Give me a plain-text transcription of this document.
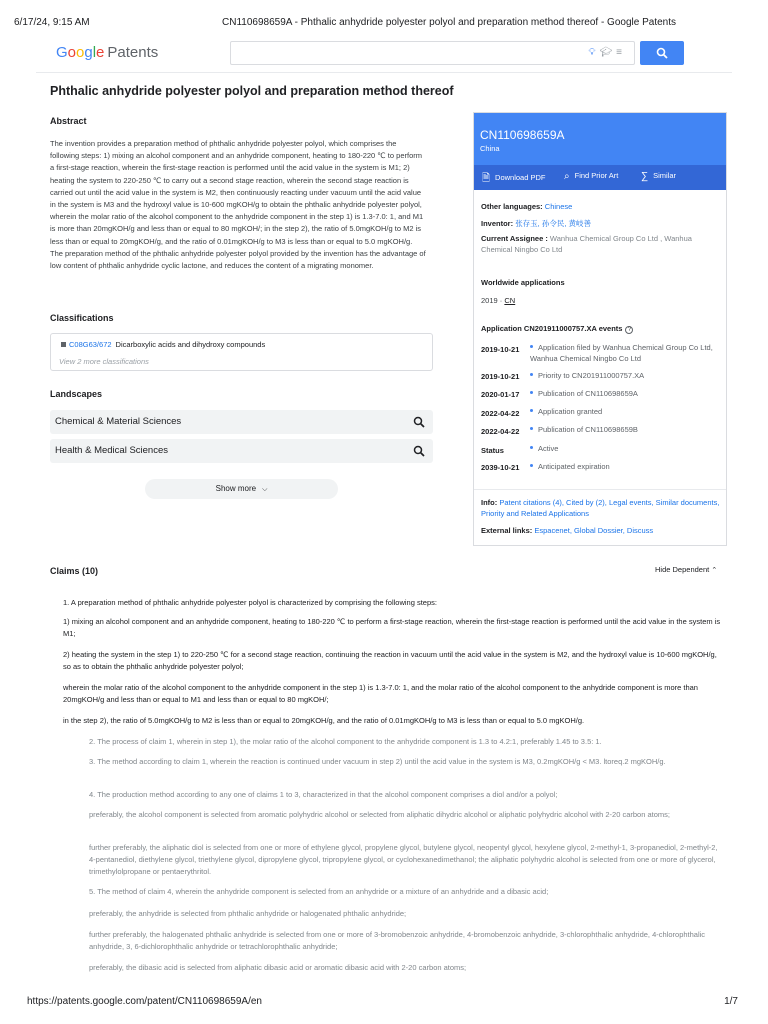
6/17/24, 9:15 AM	CN110698659A - Phthalic anhydride polyester polyol and preparation method thereof - Google Patents
Google Patents	💡︎🎓︎≡
Phthalic anhydride polyester polyol and preparation method thereof
Abstract
The invention provides a preparation method of phthalic anhydride polyester polyol, which comprises the following steps: 1) mixing an alcohol component and an anhydride component, heating to 180-220 ℃ to perform a first-stage reaction, wherein the first-stage reaction is performed until the acid value in the system is M1; 2) heating the system to 220-250 ℃ to carry out a second stage reaction, wherein the second stage reaction is carried out until the acid value in the system is M2, then continuously reacting under vacuum until the acid value in the system is M3 and the hydroxyl value is 10-600 mgKOH/g to obtain the phthalic anhydride polyester polyol, wherein the molar ratio of the alcohol component to the anhydride component in the step 1) is 1.3-7.0: 1, and M1 is more than 20mgKOH/g and less than or equal to 80 mgKOH/; in the step 2), the ratio of 5.0mgKOH/g to M2 is less than or equal to 20mgKOH/g, and the ratio of 0.01mgKOH/g to M3 is less than or equal to 5.0 mgKOH/g. The preparation method of the phthalic anhydride polyester polyol provided by the invention has the advantage of low content of phthalic anhydride cyclic lactone, and reduces the content of a migrating monomer.
Classifications
C08G63/672 Dicarboxylic acids and dihydroxy compounds
View 2 more classifications
Landscapes
Chemical & Material Sciences
Health & Medical Sciences
Show more ⌵
CN110698659A
China
🗎︎ Download PDF ⌕ Find Prior Art ∑ Similar
Other languages: Chinese
Inventor: 张存玉, 孙令民, 黄岐善
Current Assignee : Wanhua Chemical Group Co Ltd , Wanhua Chemical Ningbo Co Ltd
Worldwide applications
2019 · CN
Application CN201911000757.XA events ?
2019-10-21	Application filed by Wanhua Chemical Group Co Ltd, Wanhua Chemical Ningbo Co Ltd
2019-10-21	Priority to CN201911000757.XA
2020-01-17	Publication of CN110698659A
2022-04-22	Application granted
2022-04-22	Publication of CN110698659B
Status	Active
2039-10-21	Anticipated expiration
Info: Patent citations (4), Cited by (2), Legal events, Similar documents, Priority and Related Applications
External links: Espacenet, Global Dossier, Discuss
Claims (10)	Hide Dependent ⌃
1. A preparation method of phthalic anhydride polyester polyol is characterized by comprising the following steps:
1) mixing an alcohol component and an anhydride component, heating to 180-220 ℃ to perform a first-stage reaction, wherein the first-stage reaction is performed until the acid value in the system is M1;
2) heating the system in the step 1) to 220-250 ℃ for a second stage reaction, continuing the reaction in vacuum until the acid value in the system is M2, and the hydroxyl value is 10-600 mgKOH/g, so as to obtain the phthalic anhydride polyester polyol;
wherein the molar ratio of the alcohol component to the anhydride component in the step 1) is 1.3-7.0: 1, and the molar ratio of the alcohol component to the anhydride component is more than 20mgKOH/g and less than or equal to M1 and less than or equal to 80 mgKOH/;
in the step 2), the ratio of 5.0mgKOH/g to M2 is less than or equal to 20mgKOH/g, and the ratio of 0.01mgKOH/g to M3 is less than or equal to 5.0 mgKOH/g.
2. The process of claim 1, wherein in step 1), the molar ratio of the alcohol component to the anhydride component is 1.3 to 4.2:1, preferably 1.45 to 3.5: 1.
3. The method according to claim 1, wherein the reaction is continued under vacuum in step 2) until the acid value in the system is M3, 0.2mgKOH/g < M3. ltoreq.2 mgKOH/g.
4. The production method according to any one of claims 1 to 3, characterized in that the alcohol component comprises a diol and/or a polyol;
preferably, the alcohol component is selected from aromatic polyhydric alcohol or selected from aliphatic dihydric alcohol or aliphatic polyhydric alcohol with 2-20 carbon atoms;
further preferably, the aliphatic diol is selected from one or more of ethylene glycol, propylene glycol, butylene glycol, neopentyl glycol, hexylene glycol, 2-methyl-1, 3-propanediol, 2-methyl-2, 4-pentanediol, diethylene glycol, triethylene glycol, dipropylene glycol, tripropylene glycol, or cyclohexanedimethanol; the aliphatic polyhydric alcohol is selected from one or more of glycerol, trimethylolpropane or pentaerythritol.
5. The method of claim 4, wherein the anhydride component is selected from an anhydride or a mixture of an anhydride and a dibasic acid;
preferably, the anhydride is selected from phthalic anhydride or halogenated phthalic anhydride;
further preferably, the halogenated phthalic anhydride is selected from one or more of 3-bromobenzoic anhydride, 4-bromobenzoic anhydride, 3-chlorophthalic anhydride, 4-chlorophthalic anhydride, 3, 6-dichlorophthalic anhydride or tetrachlorophthalic anhydride;
preferably, the dibasic acid is selected from aliphatic dibasic acid or aromatic dibasic acid with 2-20 carbon atoms;
https://patents.google.com/patent/CN110698659A/en	1/7
